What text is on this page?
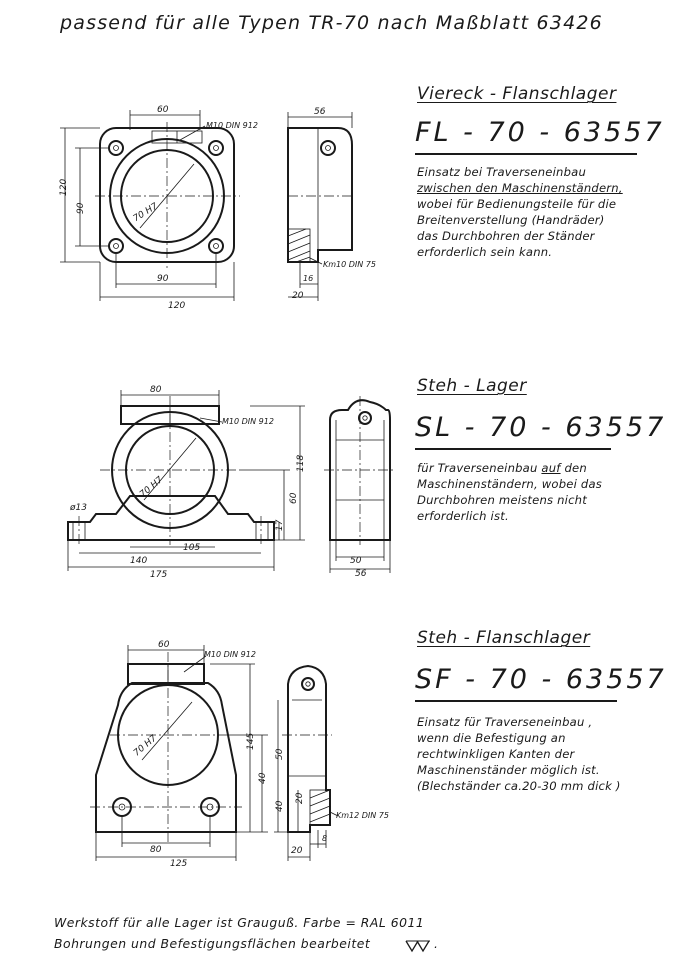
passend für alle Typen TR-70 nach Maßblatt 63426
Viereck - Flanschlager
FL - 70 - 63557
Einsatz bei Traverseneinbau
zwischen den Maschinenständern,
wobei für Bedienungsteile für die
Breitenverstellung (Handräder)
das Durchbohren der Ständer
erforderlich sein kann.
70 H7
60
M10 DIN 912
120
90
90
120
56
Km10 DIN 75
16
20
Steh - Lager
SL - 70 - 63557
für Traverseneinbau auf den
Maschinenständern, wobei das
Durchbohren meistens nicht
erforderlich ist.
70 H7
ø13
M10 DIN 912
80
118
60
17
140
105
175
50
56
Steh - Flanschlager
SF - 70 - 63557
Einsatz für Traverseneinbau ,
wenn die Befestigung an
rechtwinkligen Kanten der
Maschinenständer möglich ist.
(Blechständer ca.20-30 mm dick )
70 H7
M10 DIN 912
60
145
40
80
125
50
20
40
Km12 DIN 75
8
20
Werkstoff für alle Lager ist Grauguß. Farbe = RAL 6011
Bohrungen und Befestigungsflächen bearbeitet	.
